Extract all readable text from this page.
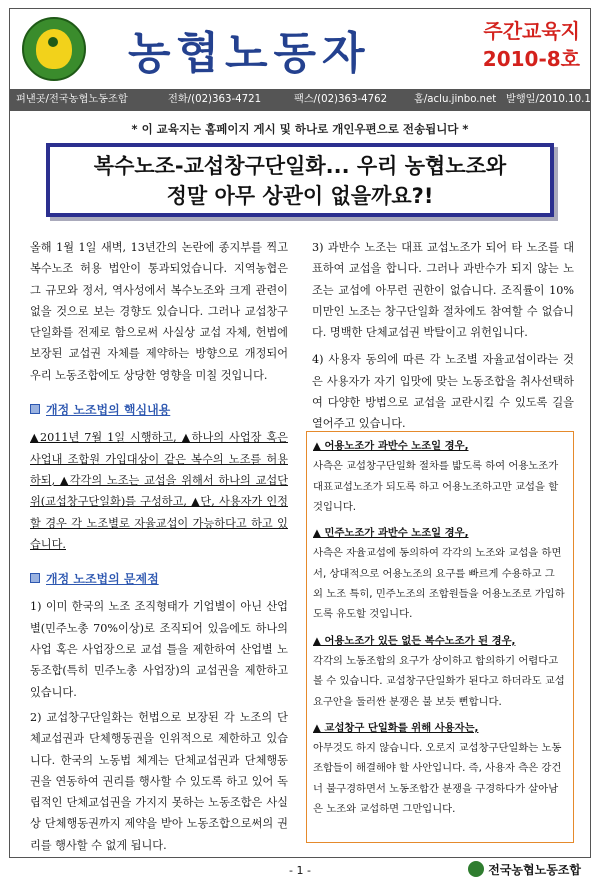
농협노동자	주간교육지
2010-8호
펴낸곳/전국농협노동조합	전화/(02)363-4721	팩스/(02)363-4762	홈/aclu.jinbo.net 발행일/2010.10.11
* 이 교육지는 홈페이지 게시 및 하나로 개인우편으로 전송됩니다 *
복수노조-교섭창구단일화... 우리 농협노조와
정말 아무 상관이 없을까요?!

올해 1월 1일 새벽, 13년간의 논란에 종지부를 찍고 복수노조 허용 법안이 통과되었습니다. 지역농협은 그 규모와 정서, 역사성에서 복수노조와 크게 관련이 없을 것으로 보는 경향도 있습니다. 그러나 교섭창구단일화를 전제로 함으로써 사실상 교섭 자체, 헌법에 보장된 교섭권 자체를 제약하는 방향으로 개정되어 우리 노동조합에도 상당한 영향을 미칠 것입니다.

개정 노조법의 핵심내용

▲2011년 7월 1일 시행하고, ▲하나의 사업장 혹은 사업내 조합원 가입대상이 같은 복수의 노조를 허용하되, ▲각각의 노조는 교섭을 위해서 하나의 교섭단위(교섭창구단일화)를 구성하고, ▲단, 사용자가 인정할 경우 각 노조별로 자율교섭이 가능하다고 하고 있습니다.

개정 노조법의 문제점

1) 이미 한국의 노조 조직형태가 기업별이 아닌 산업별(민주노총 70%이상)로 조직되어 있음에도 하나의 사업 혹은 사업장으로 교섭 틀을 제한하여 산업별 노동조합(특히 민주노총 사업장)의 교섭권을 제한하고 있습니다.

2) 교섭창구단일화는 헌법으로 보장된 각 노조의 단체교섭권과 단체행동권을 인위적으로 제한하고 있습니다. 한국의 노동법 체계는 단체교섭권과 단체행동권을 연동하여 권리를 행사할 수 있도록 하고 있어 독립적인 단체교섭권을 가지지 못하는 노동조합은 사실상 단체행동권까지 제약을 받아 노동조합으로써의 권리를 행사할 수 없게 됩니다.

3) 과반수 노조는 대표 교섭노조가 되어 타 노조를 대표하여 교섭을 합니다. 그러나 과반수가 되지 않는 노조는 교섭에 아무런 권한이 없습니다. 조직률이 10%미만인 노조는 창구단일화 절차에도 참여할 수 없습니다. 명백한 단체교섭권 박탈이고 위헌입니다.

4) 사용자 동의에 따른 각 노조별 자율교섭이라는 것은 사용자가 자기 입맛에 맞는 노동조합을 취사선택하여 다양한 방법으로 교섭을 교란시킬 수 있도록 길을 열어주고 있습니다.

▲ 어용노조가 과반수 노조일 경우,

사측은 교섭창구단일화 절차를 밟도록 하여 어용노조가 대표교섭노조가 되도록 하고 어용노조하고만 교섭을 할 것입니다.

▲ 민주노조가 과반수 노조일 경우,

사측은 자율교섭에 동의하여 각각의 노조와 교섭을 하면서, 상대적으로 어용노조의 요구를 빠르게 수용하고 그 외 노조 특히, 민주노조의 조합원들을 어용노조로 가입하도록 유도할 것입니다.

▲ 어용노조가 있든 없든 복수노조가 된 경우,

각각의 노동조합의 요구가 상이하고 합의하기 어렵다고 볼 수 있습니다. 교섭창구단일화가 된다고 하더라도 교섭요구안을 둘러싼 분쟁은 불 보듯 뻔합니다.

▲ 교섭창구 단일화를 위해 사용자는,

아무것도 하지 않습니다. 오로지 교섭창구단일화는 노동조합들이 해결해야 할 사안입니다. 즉, 사용자 측은 강건너 불구경하면서 노동조합간 분쟁을 구경하다가 살아남은 노조와 교섭하면 그만입니다.

- 1 -	전국농협노동조합
